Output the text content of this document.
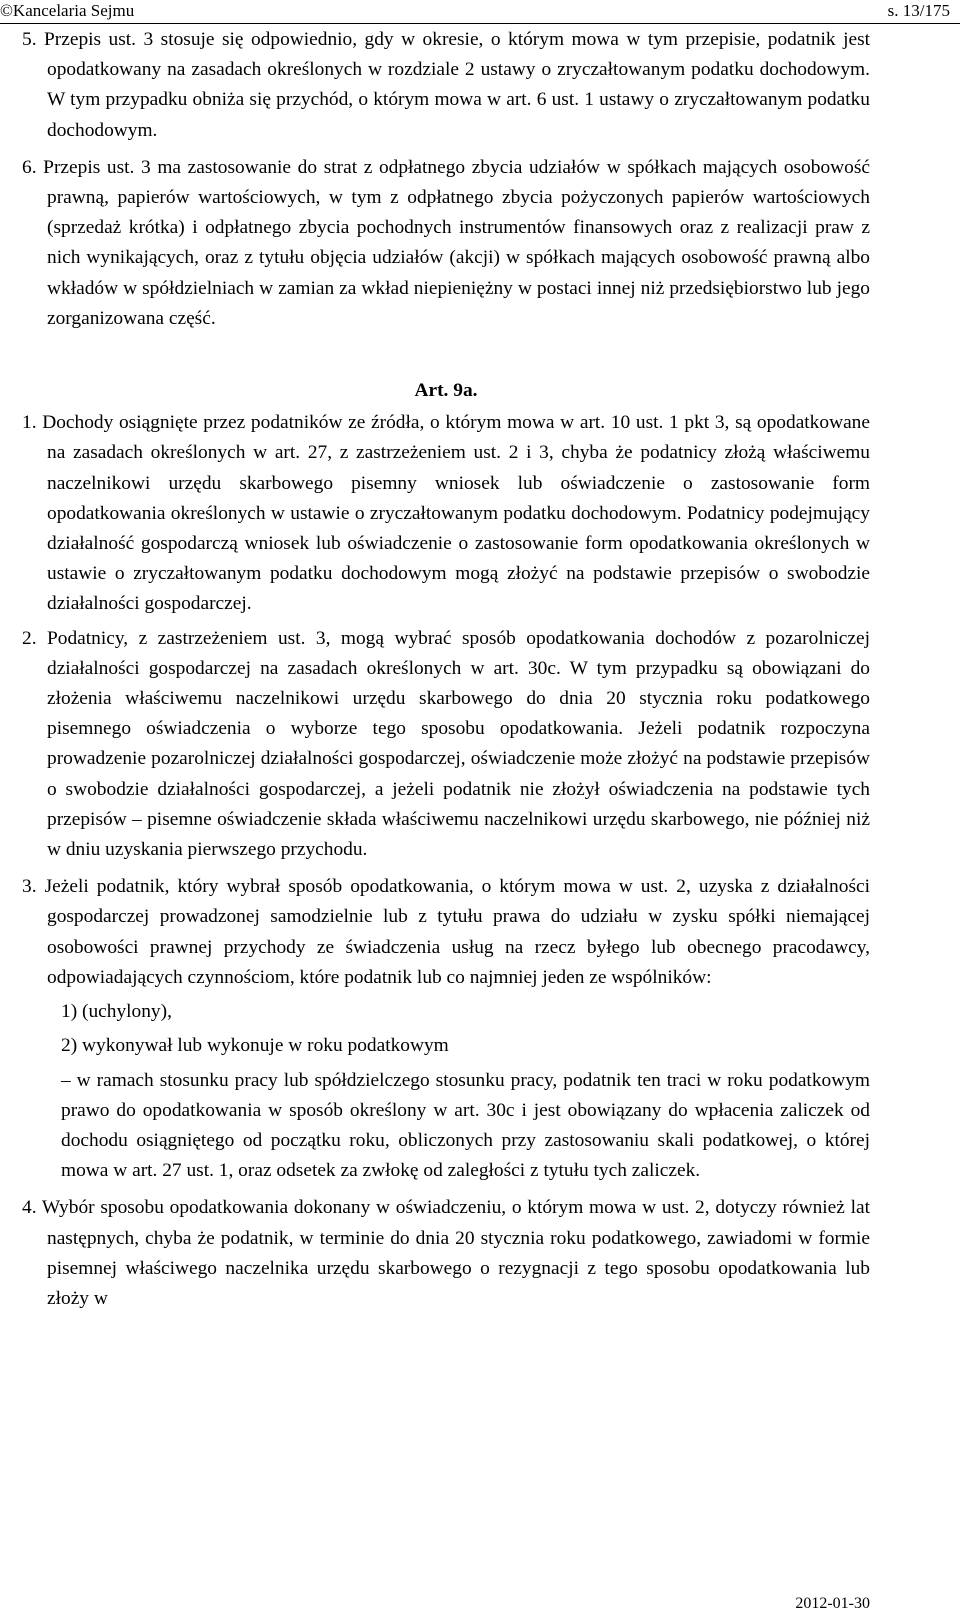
©Kancelaria Sejmu	s. 13/175

5. Przepis ust. 3 stosuje się odpowiednio, gdy w okresie, o którym mowa w tym przepisie, podatnik jest opodatkowany na zasadach określonych w rozdziale 2 ustawy o zryczałtowanym podatku dochodowym. W tym przypadku obniża się przychód, o którym mowa w art. 6 ust. 1 ustawy o zryczałtowanym podatku dochodowym.

6. Przepis ust. 3 ma zastosowanie do strat z odpłatnego zbycia udziałów w spółkach mających osobowość prawną, papierów wartościowych, w tym z odpłatnego zbycia pożyczonych papierów wartościowych (sprzedaż krótka) i odpłatnego zbycia pochodnych instrumentów finansowych oraz z realizacji praw z nich wynikających, oraz z tytułu objęcia udziałów (akcji) w spółkach mających osobowość prawną albo wkładów w spółdzielniach w zamian za wkład niepieniężny w postaci innej niż przedsiębiorstwo lub jego zorganizowana część.

Art. 9a.

1. Dochody osiągnięte przez podatników ze źródła, o którym mowa w art. 10 ust. 1 pkt 3, są opodatkowane na zasadach określonych w art. 27, z zastrzeżeniem ust. 2 i 3, chyba że podatnicy złożą właściwemu naczelnikowi urzędu skarbowego pisemny wniosek lub oświadczenie o zastosowanie form opodatkowania określonych w ustawie o zryczałtowanym podatku dochodowym. Podatnicy podejmujący działalność gospodarczą wniosek lub oświadczenie o zastosowanie form opodatkowania określonych w ustawie o zryczałtowanym podatku dochodowym mogą złożyć na podstawie przepisów o swobodzie działalności gospodarczej.

2. Podatnicy, z zastrzeżeniem ust. 3, mogą wybrać sposób opodatkowania dochodów z pozarolniczej działalności gospodarczej na zasadach określonych w art. 30c. W tym przypadku są obowiązani do złożenia właściwemu naczelnikowi urzędu skarbowego do dnia 20 stycznia roku podatkowego pisemnego oświadczenia o wyborze tego sposobu opodatkowania. Jeżeli podatnik rozpoczyna prowadzenie pozarolniczej działalności gospodarczej, oświadczenie może złożyć na podstawie przepisów o swobodzie działalności gospodarczej, a jeżeli podatnik nie złożył oświadczenia na podstawie tych przepisów – pisemne oświadczenie składa właściwemu naczelnikowi urzędu skarbowego, nie później niż w dniu uzyskania pierwszego przychodu.

3. Jeżeli podatnik, który wybrał sposób opodatkowania, o którym mowa w ust. 2, uzyska z działalności gospodarczej prowadzonej samodzielnie lub z tytułu prawa do udziału w zysku spółki niemającej osobowości prawnej przychody ze świadczenia usług na rzecz byłego lub obecnego pracodawcy, odpowiadających czynnościom, które podatnik lub co najmniej jeden ze wspólników:

1) (uchylony),

2) wykonywał lub wykonuje w roku podatkowym

– w ramach stosunku pracy lub spółdzielczego stosunku pracy, podatnik ten traci w roku podatkowym prawo do opodatkowania w sposób określony w art. 30c i jest obowiązany do wpłacenia zaliczek od dochodu osiągniętego od początku roku, obliczonych przy zastosowaniu skali podatkowej, o której mowa w art. 27 ust. 1, oraz odsetek za zwłokę od zaległości z tytułu tych zaliczek.

4. Wybór sposobu opodatkowania dokonany w oświadczeniu, o którym mowa w ust. 2, dotyczy również lat następnych, chyba że podatnik, w terminie do dnia 20 stycznia roku podatkowego, zawiadomi w formie pisemnej właściwego naczelnika urzędu skarbowego o rezygnacji z tego sposobu opodatkowania lub złoży w

2012-01-30
